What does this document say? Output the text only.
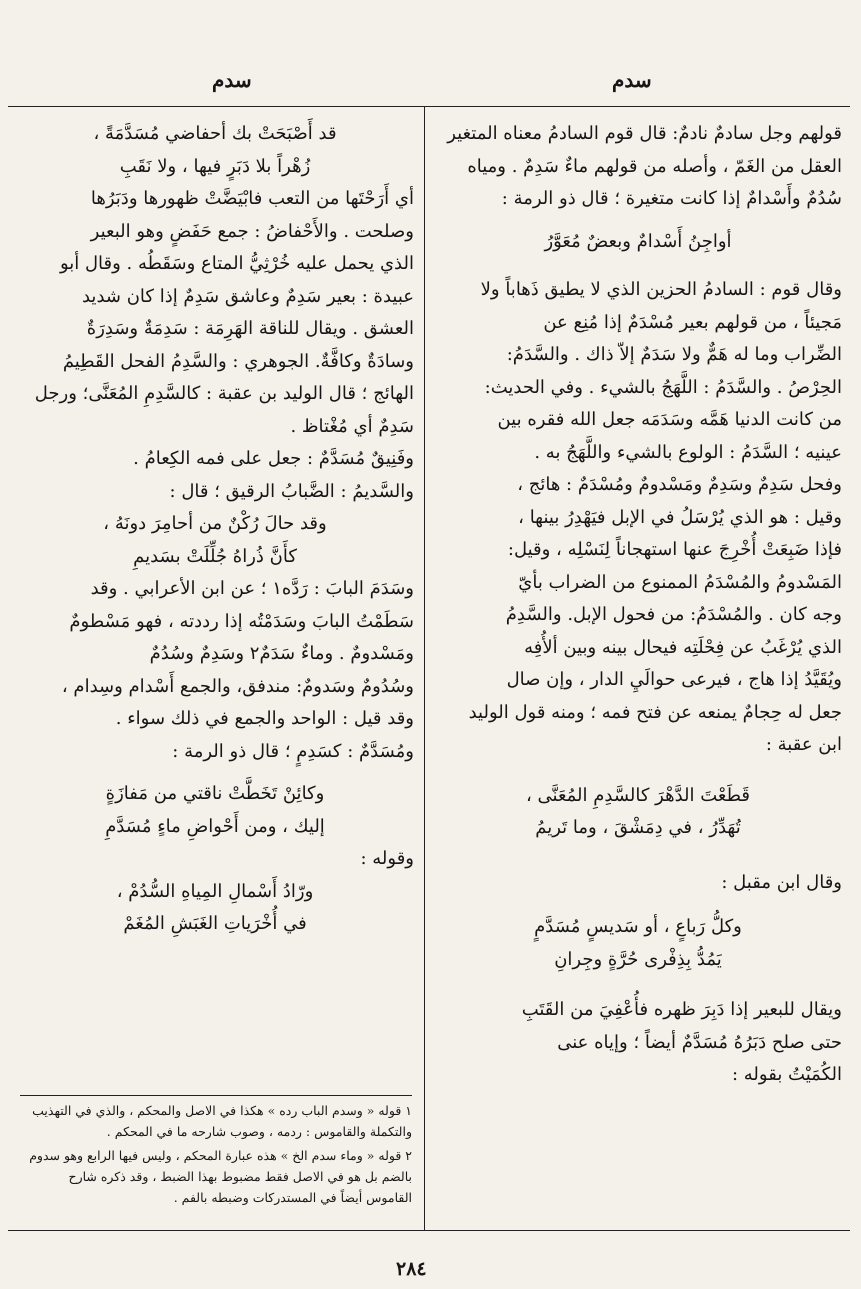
سدم
سدم

قولهم وجل سادمٌ نادمٌ: قال قوم السادمُ معناه المتغير

العقل من الغَمّ ، وأصله من قولهم ماءٌ سَدِمٌ . ومياه

سُدُمٌ وأَسْدامٌ إذا كانت متغيرة ؛ قال ذو الرمة :

أواجِنُ أَسْدامٌ وبعضٌ مُعَوَّرُ

وقال قوم : السادمُ الحزين الذي لا يطيق ذَهاباً ولا

مَجيئاً ، من قولهم بعير مُسْدَمٌ إذا مُنِع عن

الضِّراب وما له هَمٌّ ولا سَدَمٌ إلاّ ذاك . والسَّدَمُ:

الحِرْصُ . والسَّدَمُ : اللَّهَجُ بالشيء . وفي الحديث:

من كانت الدنيا هَمَّه وسَدَمَه جعل الله فقره بين

عينيه ؛ السَّدَمُ : الولوع بالشيء واللَّهَجُ به .

وفحل سَدِمٌ وسَدِمٌ ومَسْدومٌ ومُسْدَمٌ : هائج ،

وقيل : هو الذي يُرْسَلُ في الإبل فيَهْدِرُ بينها ،

فإذا ضَبِعَتْ أُخْرِجَ عنها استهجاناً لِنَسْلِه ، وقيل:

المَسْدومُ والمُسْدَمُ الممنوع من الضراب بأيّ

وجه كان . والمُسْدَمُ: من فحول الإبل. والسَّدِمُ

الذي يُرْغَبُ عن فِحْلَتِه فيحال بينه وبين ألأُفِه

ويُقَيَّدُ إذا هاج ، فيرعى حوالَيِ الدار ، وإن صال

جعل له حِجامٌ يمنعه عن فتح فمه ؛ ومنه قول الوليد

ابن عقبة :

قَطَعْتَ الدَّهْرَ كالسَّدِمِ المُعَنَّى ،

تُهَدِّرُ ، في دِمَشْقَ ، وما تَريمُ

وقال ابن مقبل :

وكلُّ رَباعٍ ، أو سَديسٍ مُسَدَّمٍ

يَمُدُّ بِذِفْرى حُرَّةٍ وجِرانِ

ويقال للبعير إذا دَبِرَ ظهره فأُعْفِيَ من القَتَبِ

حتى صلح دَبَرُهُ مُسَدَّمٌ أيضاً ؛ وإياه عنى

الكُمَيْتُ بقوله :

قد أَصْبَحَتْ بك أحفاضي مُسَدَّمَةً ،

زُهْراً بلا دَبَرٍ فيها ، ولا نَقَبِ

أي أَرَحْتَها من التعب فابْيَضَّتْ ظهورها ودَبَرُها

وصلحت . والأَحْفاضُ : جمع حَفَضٍ وهو البعير

الذي يحمل عليه خُرْثِيُّ المتاع وسَقَطُه . وقال أبو

عبيدة : بعير سَدِمٌ وعاشق سَدِمٌ إذا كان شديد

العشق . ويقال للناقة الهَرِمَة : سَدِمَةٌ وسَدِرَةٌ

وسادَةٌ وكافَّةٌ. الجوهري : والسَّدِمُ الفحل القَطِيمُ

الهائج ؛ قال الوليد بن عقبة : كالسَّدِمِ المُعَنَّى؛ ورجل

سَدِمٌ أي مُغْتاظ .

وفَنِيقٌ مُسَدَّمٌ : جعل على فمه الكِعامُ .

والسَّديمُ : الضَّبابُ الرقيق ؛ قال :

وقد حالَ رُكْنٌ من أحامِرَ دونَهُ ،

كأَنَّ ذُراهُ جُلِّلَتْ بسَديمِ

وسَدَمَ البابَ : رَدَّه١ ؛ عن ابن الأعرابي . وقد

سَطَمْتُ البابَ وسَدَمْتُه إذا رددته ، فهو مَسْطومٌ

ومَسْدومٌ . وماءٌ سَدَمٌ٢ وسَدِمٌ وسُدُمٌ

وسُدُومٌ وسَدومٌ: مندفق، والجمع أَسْدام وسِدام ،

وقد قيل : الواحد والجمع في ذلك سواء .

ومُسَدَّمٌ : كسَدِمٍ ؛ قال ذو الرمة :

وكائِنْ تَخَطَّتْ ناقتي من مَفازَةٍ

إليك ، ومن أَحْواضِ ماءٍ مُسَدَّمِ

وقوله :

ورّادُ أَسْمالِ المِياهِ السُّدُمْ ،

في أُخْرَياتِ الغَبَشِ المُغَمْ

١ قوله « وسدم الباب رده » هكذا في الاصل والمحكم ، والذي في التهذيب والتكملة والقاموس : ردمه ، وصوب شارحه ما في المحكم .

٢ قوله « وماء سدم الخ » هذه عبارة المحكم ، وليس فيها الرابع وهو سدوم بالضم بل هو في الاصل فقط مضبوط بهذا الضبط ، وقد ذكره شارح القاموس أيضاً في المستدركات وضبطه بالفم .

٢٨٤
